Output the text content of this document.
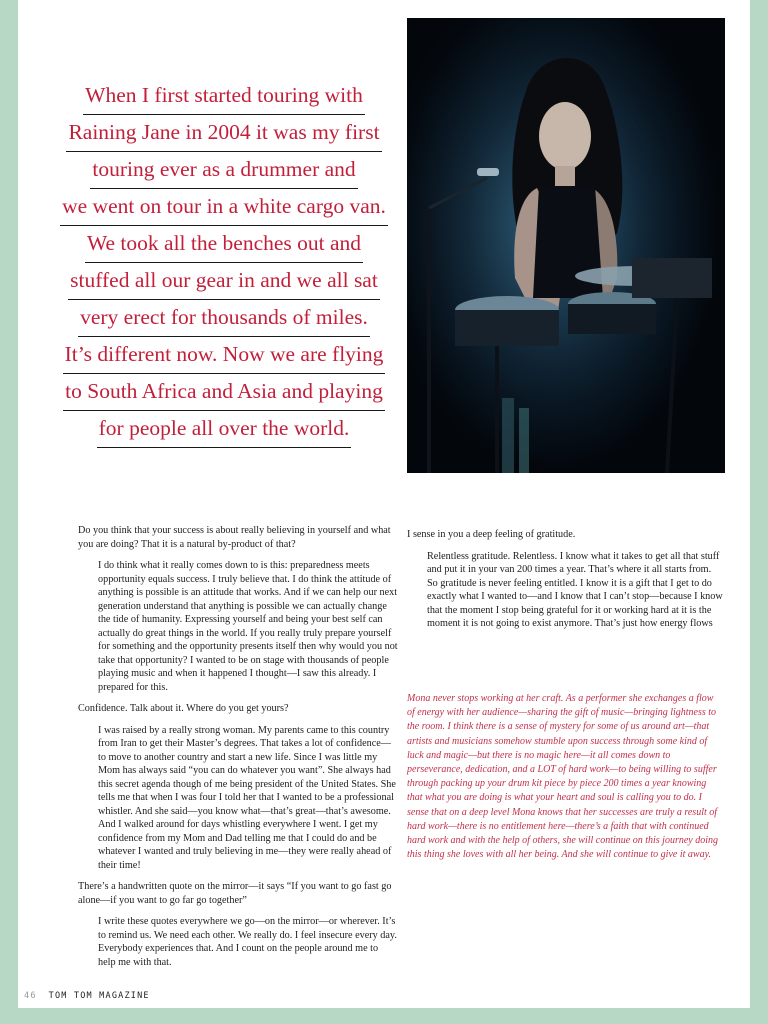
When I first started touring with
Raining Jane in 2004 it was my first
touring ever as a drummer and
we went on tour in a white cargo van.
We took all the benches out and
stuffed all our gear in and we all sat
very erect for thousands of miles.
It’s different now. Now we are flying
to South Africa and Asia and playing
for people all over the world.

Do you think that your success is about really believing in yourself and what you are doing? That it is a natural by-product of that?

I do think what it really comes down to is this: preparedness meets opportunity equals success. I truly believe that. I do think the attitude of anything is possible is an attitude that works. And if we can help our next generation understand that anything is possible we can actually change the tide of humanity. Expressing yourself and being your best self can actually do great things in the world. If you really truly prepare yourself for something and the opportunity presents itself then why would you not take that opportunity? I wanted to be on stage with thousands of people playing music and when it happened I thought—I saw this already. I prepared for this.

Confidence. Talk about it. Where do you get yours?

I was raised by a really strong woman. My parents came to this country from Iran to get their Master’s degrees. That takes a lot of confidence—to move to another country and start a new life. Since I was little my Mom has always said “you can do whatever you want”. She always had this secret agenda though of me being president of the United States. She tells me that when I was four I told her that I wanted to be a professional whistler. And she said—you know what—that’s great—that’s awesome. And I walked around for days whistling everywhere I went. I get my confidence from my Mom and Dad telling me that I could do and be whatever I wanted and truly believing in me—they were really ahead of their time!

There’s a handwritten quote on the mirror—it says “If you want to go fast go alone—if you want to go far go together”

I write these quotes everywhere we go—on the mirror—or wherever. It’s to remind us. We need each other. We really do. I feel insecure every day. Everybody experiences that. And I count on the people around me to help me with that.

I sense in you a deep feeling of gratitude.

Relentless gratitude. Relentless. I know what it takes to get all that stuff and put it in your van 200 times a year. That’s where it all starts from. So gratitude is never feeling entitled. I know it is a gift that I get to do exactly what I wanted to—and I know that I can’t stop—because I know that the moment I stop being grateful for it or working hard at it is the moment it is not going to exist anymore. That’s just how energy flows

Mona never stops working at her craft. As a performer she exchanges a flow of energy with her audience—sharing the gift of music—bringing lightness to the room. I think there is a sense of mystery for some of us around art—that artists and musicians somehow stumble upon success through some kind of luck and magic—but there is no magic here—it all comes down to perseverance, dedication, and a LOT of hard work—to being willing to suffer through packing up your drum kit piece by piece 200 times a year knowing that what you are doing is what your heart and soul is calling you to do. I sense that on a deep level Mona knows that her successes are truly a result of hard work—there is no entitlement here—there’s a faith that with continued hard work and with the help of others, she will continue on this journey doing this thing she loves with all her being. And she will continue to give it away.
46 TOM TOM MAGAZINE
